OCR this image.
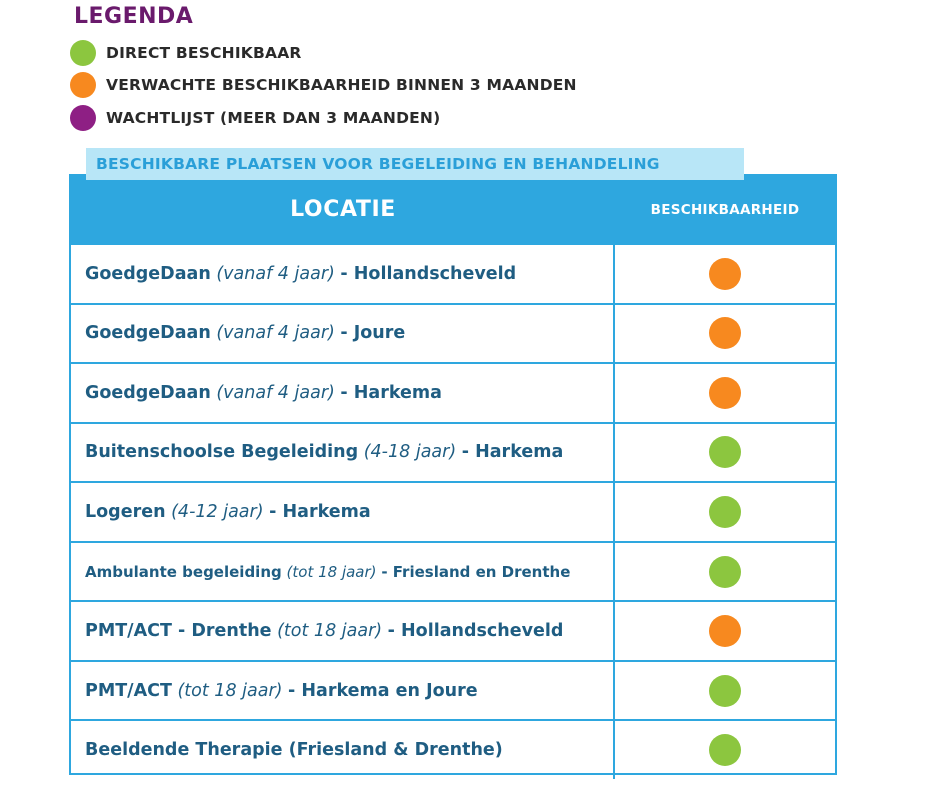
LEGENDA
DIRECT BESCHIKBAAR
VERWACHTE BESCHIKBAARHEID BINNEN 3 MAANDEN
WACHTLIJST (MEER DAN 3 MAANDEN)
LOCATIE	BESCHIKBAARHEID
GoedgeDaan
(vanaf 4 jaar)
- Hollandscheveld
GoedgeDaan
(vanaf 4 jaar)
- Joure
GoedgeDaan
(vanaf 4 jaar)
- Harkema
Buitenschoolse Begeleiding
(4-18 jaar)
- Harkema
Logeren
(4-12 jaar)
- Harkema
Ambulante begeleiding
(tot 18 jaar)
- Friesland en Drenthe
PMT/ACT - Drenthe
(tot 18 jaar)
- Hollandscheveld
PMT/ACT
(tot 18 jaar)
- Harkema en Joure
Beeldende Therapie (Friesland & Drenthe)

BESCHIKBARE PLAATSEN VOOR BEGELEIDING EN BEHANDELING
